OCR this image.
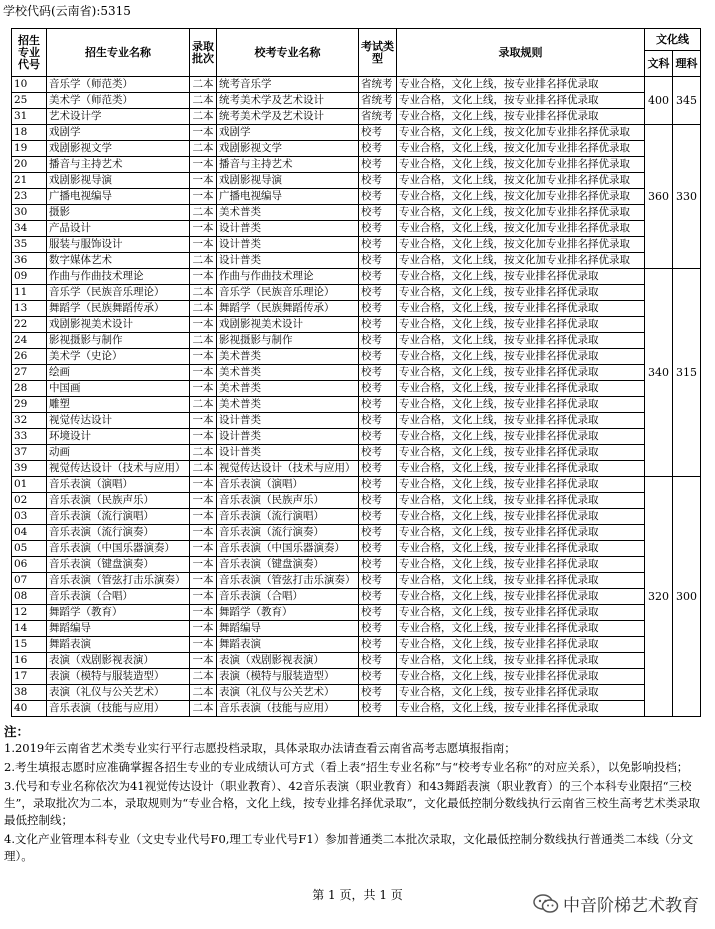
学校代码(云南省):5315
招生专业代号	招生专业名称	录取批次	校考专业名称	考试类型	录取规则	文化线	
						文科	理科
10	音乐学（师范类）	二本	统考音乐学	省统考	专业合格，文化上线，按专业排名择优录取	400	345
25	美术学（师范类）	二本	统考美术学及艺术设计	省统考	专业合格，文化上线，按专业排名择优录取		
31	艺术设计学	二本	统考美术学及艺术设计	省统考	专业合格，文化上线，按专业排名择优录取		
18	戏剧学	一本	戏剧学	校考	专业合格，文化上线，按文化加专业排名择优录取	360	330
19	戏剧影视文学	二本	戏剧影视文学	校考	专业合格，文化上线，按文化加专业排名择优录取		
20	播音与主持艺术	一本	播音与主持艺术	校考	专业合格，文化上线，按文化加专业排名择优录取		
21	戏剧影视导演	一本	戏剧影视导演	校考	专业合格，文化上线，按文化加专业排名择优录取		
23	广播电视编导	一本	广播电视编导	校考	专业合格，文化上线，按文化加专业排名择优录取		
30	摄影	二本	美术普类	校考	专业合格，文化上线，按文化加专业排名择优录取		
34	产品设计	一本	设计普类	校考	专业合格，文化上线，按文化加专业排名择优录取		
35	服装与服饰设计	一本	设计普类	校考	专业合格，文化上线，按文化加专业排名择优录取		
36	数字媒体艺术	二本	设计普类	校考	专业合格，文化上线，按文化加专业排名择优录取		
09	作曲与作曲技术理论	一本	作曲与作曲技术理论	校考	专业合格，文化上线，按专业排名择优录取	340	315
11	音乐学（民族音乐理论）	二本	音乐学（民族音乐理论）	校考	专业合格，文化上线，按专业排名择优录取		
13	舞蹈学（民族舞蹈传承）	二本	舞蹈学（民族舞蹈传承）	校考	专业合格，文化上线，按专业排名择优录取		
22	戏剧影视美术设计	一本	戏剧影视美术设计	校考	专业合格，文化上线，按专业排名择优录取		
24	影视摄影与制作	二本	影视摄影与制作	校考	专业合格，文化上线，按专业排名择优录取		
26	美术学（史论）	一本	美术普类	校考	专业合格，文化上线，按专业排名择优录取		
27	绘画	一本	美术普类	校考	专业合格，文化上线，按专业排名择优录取		
28	中国画	一本	美术普类	校考	专业合格，文化上线，按专业排名择优录取		
29	雕塑	二本	美术普类	校考	专业合格，文化上线，按专业排名择优录取		
32	视觉传达设计	一本	设计普类	校考	专业合格，文化上线，按专业排名择优录取		
33	环境设计	一本	设计普类	校考	专业合格，文化上线，按专业排名择优录取		
37	动画	二本	设计普类	校考	专业合格，文化上线，按专业排名择优录取		
39	视觉传达设计（技术与应用）	二本	视觉传达设计（技术与应用）	校考	专业合格，文化上线，按专业排名择优录取		
01	音乐表演（演唱）	一本	音乐表演（演唱）	校考	专业合格，文化上线，按专业排名择优录取	320	300
02	音乐表演（民族声乐）	一本	音乐表演（民族声乐）	校考	专业合格，文化上线，按专业排名择优录取		
03	音乐表演（流行演唱）	一本	音乐表演（流行演唱）	校考	专业合格，文化上线，按专业排名择优录取		
04	音乐表演（流行演奏）	一本	音乐表演（流行演奏）	校考	专业合格，文化上线，按专业排名择优录取		
05	音乐表演（中国乐器演奏）	一本	音乐表演（中国乐器演奏）	校考	专业合格，文化上线，按专业排名择优录取		
06	音乐表演（键盘演奏）	一本	音乐表演（键盘演奏）	校考	专业合格，文化上线，按专业排名择优录取		
07	音乐表演（管弦打击乐演奏）	一本	音乐表演（管弦打击乐演奏）	校考	专业合格，文化上线，按专业排名择优录取		
08	音乐表演（合唱）	一本	音乐表演（合唱）	校考	专业合格，文化上线，按专业排名择优录取		
12	舞蹈学（教育）	一本	舞蹈学（教育）	校考	专业合格，文化上线，按专业排名择优录取		
14	舞蹈编导	一本	舞蹈编导	校考	专业合格，文化上线，按专业排名择优录取		
15	舞蹈表演	一本	舞蹈表演	校考	专业合格，文化上线，按专业排名择优录取		
16	表演（戏剧影视表演）	一本	表演（戏剧影视表演）	校考	专业合格，文化上线，按专业排名择优录取		
17	表演（模特与服装造型）	二本	表演（模特与服装造型）	校考	专业合格，文化上线，按专业排名择优录取		
38	表演（礼仪与公关艺术）	二本	表演（礼仪与公关艺术）	校考	专业合格，文化上线，按专业排名择优录取		
40	音乐表演（技能与应用）	二本	音乐表演（技能与应用）	校考	专业合格，文化上线，按专业排名择优录取		
注：

1.2019年云南省艺术类专业实行平行志愿投档录取，具体录取办法请查看云南省高考志愿填报指南；

2.考生填报志愿时应准确掌握各招生专业的专业成绩认可方式（看上表“招生专业名称”与“校考专业名称”的对应关系），以免影响投档；

3.代号和专业名称依次为41视觉传达设计（职业教育）、42音乐表演（职业教育）和43舞蹈表演（职业教育）的三个本科专业限招“三校生”，录取批次为二本，录取规则为“专业合格，文化上线，按专业排名择优录取”，文化最低控制分数线执行云南省三校生高考艺术类录取最低控制线；

4.文化产业管理本科专业（文史专业代号F0,理工专业代号F1）参加普通类二本批次录取，文化最低控制分数线执行普通类二本线（分文理）。

第 1 页，共 1 页
中音阶梯艺术教育
